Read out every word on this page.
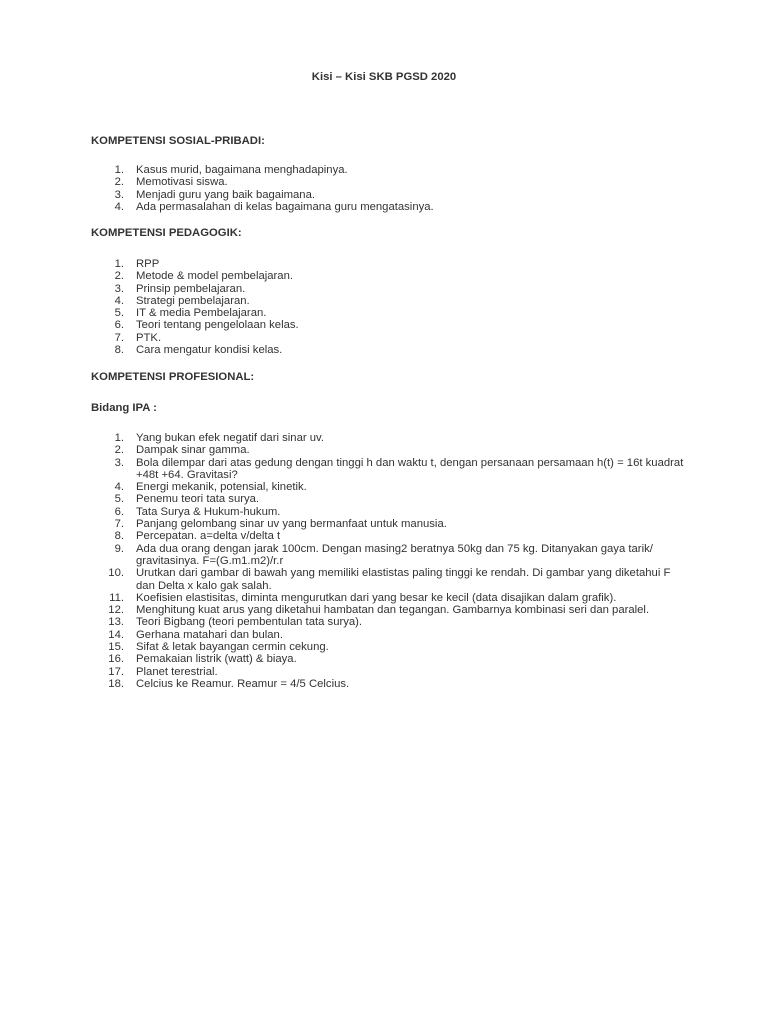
Kisi – Kisi SKB PGSD 2020
KOMPETENSI SOSIAL-PRIBADI:
1. Kasus murid, bagaimana menghadapinya.
2. Memotivasi siswa.
3. Menjadi guru yang baik bagaimana.
4. Ada permasalahan di kelas bagaimana guru mengatasinya.
KOMPETENSI PEDAGOGIK:
1. RPP
2. Metode & model pembelajaran.
3. Prinsip pembelajaran.
4. Strategi pembelajaran.
5. IT & media Pembelajaran.
6. Teori tentang pengelolaan kelas.
7. PTK.
8. Cara mengatur kondisi kelas.
KOMPETENSI PROFESIONAL:
Bidang IPA :
1. Yang bukan efek negatif dari sinar uv.
2. Dampak sinar gamma.
3. Bola dilempar dari atas gedung dengan tinggi h dan waktu t, dengan persanaan persamaan h(t) = 16t kuadrat +48t +64. Gravitasi?
4. Energi mekanik, potensial, kinetik.
5. Penemu teori tata surya.
6. Tata Surya & Hukum-hukum.
7. Panjang gelombang sinar uv yang bermanfaat untuk manusia.
8. Percepatan. a=delta v/delta t
9. Ada dua orang dengan jarak 100cm. Dengan masing2 beratnya 50kg dan 75 kg. Ditanyakan gaya tarik/ gravitasinya. F=(G.m1.m2)/r.r
10. Urutkan dari gambar di bawah yang memiliki elastistas paling tinggi ke rendah. Di gambar yang diketahui F dan Delta x kalo gak salah.
11. Koefisien elastisitas, diminta mengurutkan dari yang besar ke kecil (data disajikan dalam grafik).
12. Menghitung kuat arus yang diketahui hambatan dan tegangan. Gambarnya kombinasi seri dan paralel.
13. Teori Bigbang (teori pembentulan tata surya).
14. Gerhana matahari dan bulan.
15. Sifat & letak bayangan cermin cekung.
16. Pemakaian listrik (watt) & biaya.
17. Planet terestrial.
18. Celcius ke Reamur. Reamur = 4/5 Celcius.
